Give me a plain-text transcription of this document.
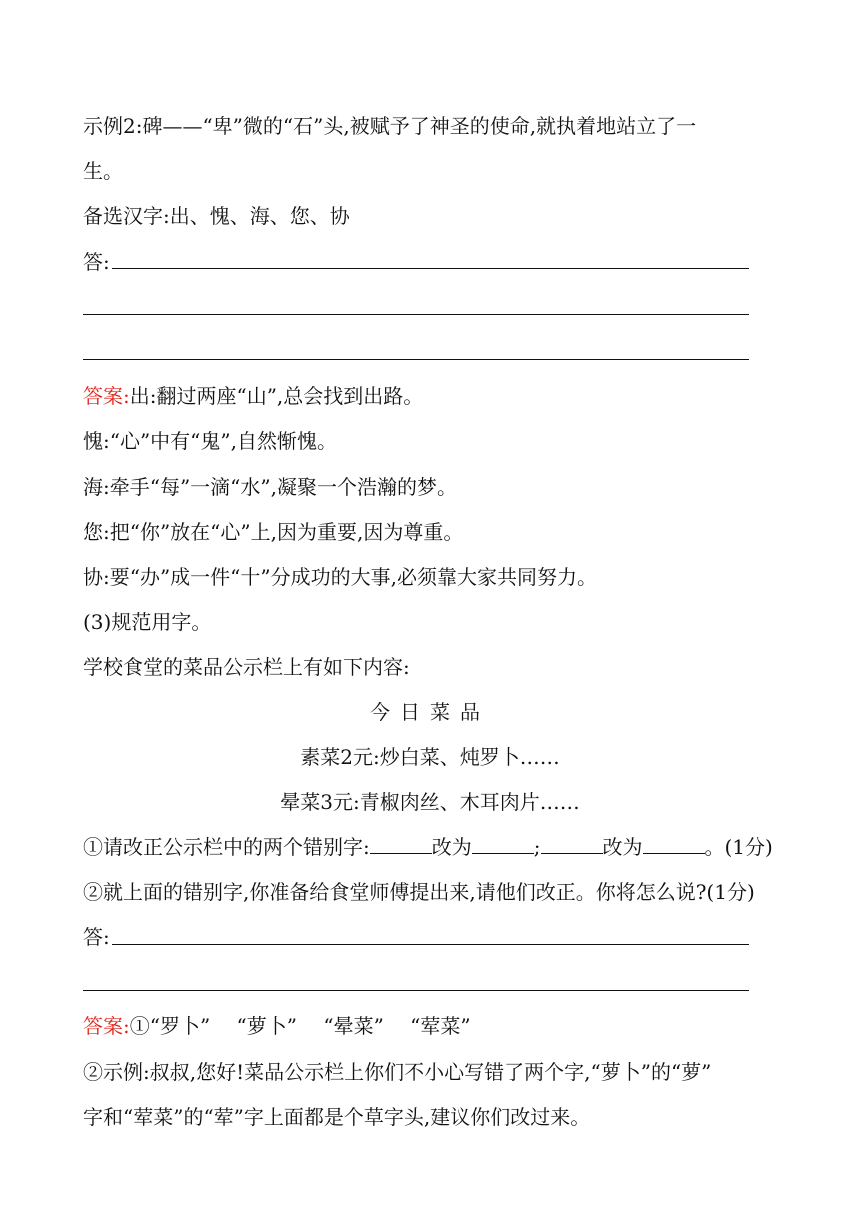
示例2:碑——“卑”微的“石”头,被赋予了神圣的使命,就执着地站立了一
生。
备选汉字:出、愧、海、您、协
答:
答案:出:翻过两座“山”,总会找到出路。
愧:“心”中有“鬼”,自然惭愧。
海:牵手“每”一滴“水”,凝聚一个浩瀚的梦。
您:把“你”放在“心”上,因为重要,因为尊重。
协:要“办”成一件“十”分成功的大事,必须靠大家共同努力。
(3)规范用字。
学校食堂的菜品公示栏上有如下内容:
今日菜品
素菜2元:炒白菜、炖罗卜……
晕菜3元:青椒肉丝、木耳肉片……
①请改正公示栏中的两个错别字:	改为	;	改为	。(1分)
②就上面的错别字,你准备给食堂师傅提出来,请他们改正。你将怎么说?(1分)
答:
答案:①“罗卜”　 “萝卜”　 “晕菜”　 “荤菜”
②示例:叔叔,您好!菜品公示栏上你们不小心写错了两个字,“萝卜”的“萝”
字和“荤菜”的“荤”字上面都是个草字头,建议你们改过来。
